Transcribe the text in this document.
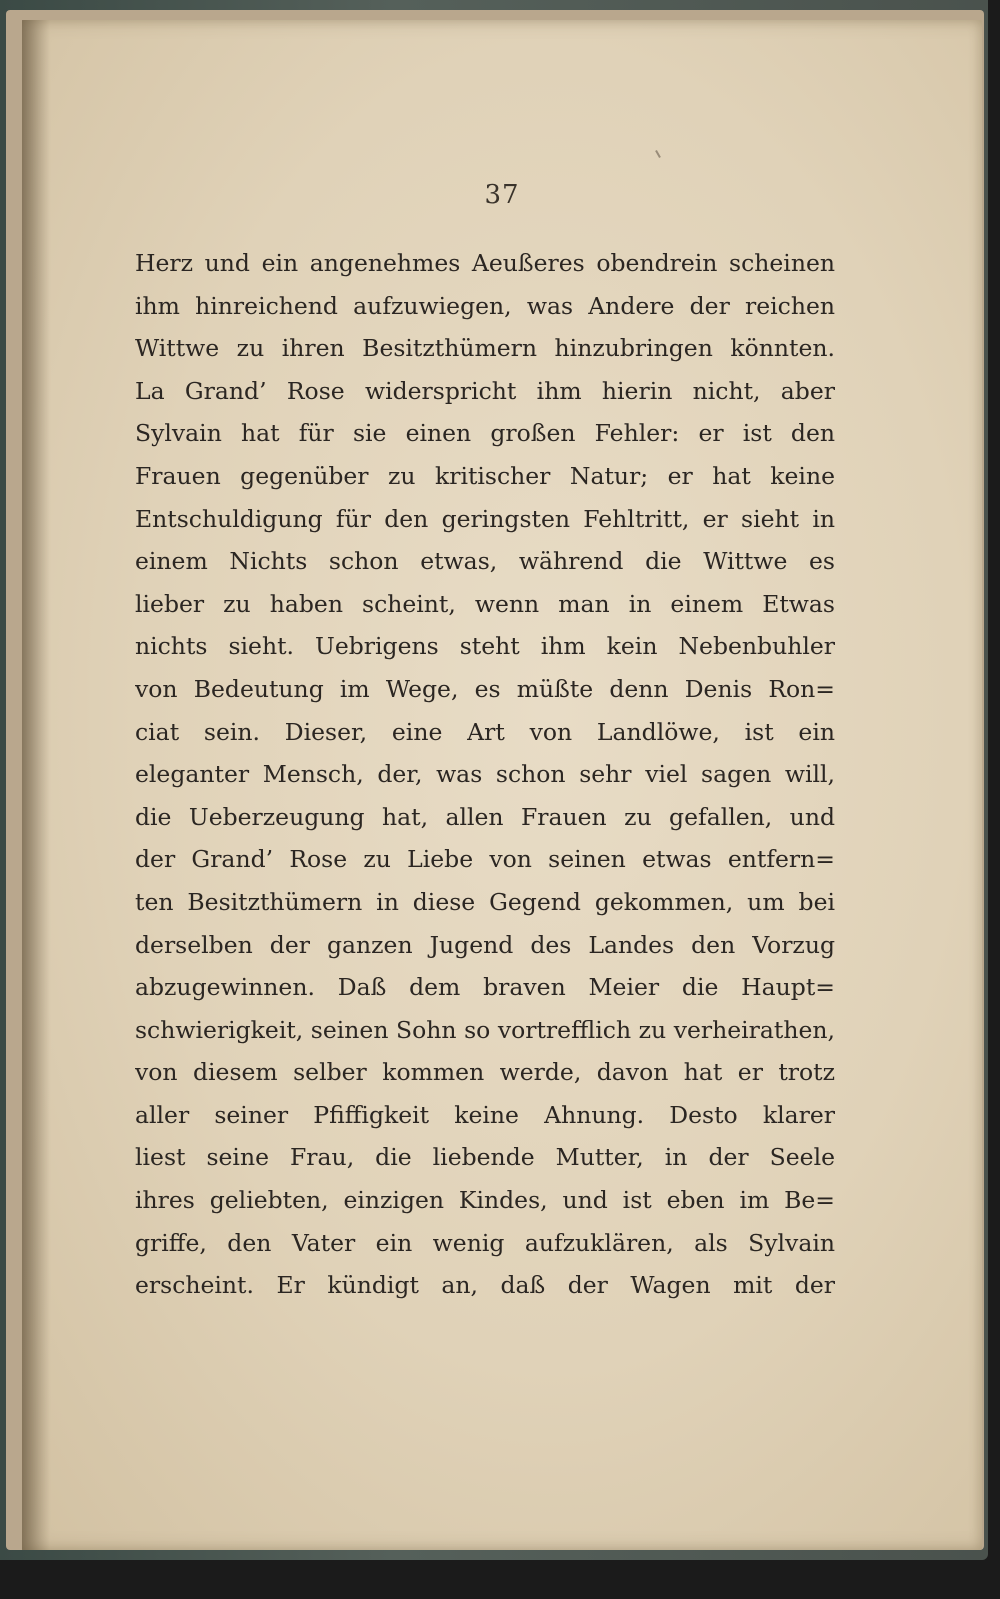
37
Herz und ein angenehmes Aeußeres obendrein scheinen
ihm hinreichend aufzuwiegen, was Andere der reichen
Wittwe zu ihren Besitzthümern hinzubringen könnten.
La Grand’ Rose widerspricht ihm hierin nicht, aber
Sylvain hat für sie einen großen Fehler: er ist den
Frauen gegenüber zu kritischer Natur; er hat keine
Entschuldigung für den geringsten Fehltritt, er sieht in
einem Nichts schon etwas, während die Wittwe es
lieber zu haben scheint, wenn man in einem Etwas
nichts sieht. Uebrigens steht ihm kein Nebenbuhler
von Bedeutung im Wege, es müßte denn Denis Ron=
ciat sein. Dieser, eine Art von Landlöwe, ist ein
eleganter Mensch, der, was schon sehr viel sagen will,
die Ueberzeugung hat, allen Frauen zu gefallen, und
der Grand’ Rose zu Liebe von seinen etwas entfern=
ten Besitzthümern in diese Gegend gekommen, um bei
derselben der ganzen Jugend des Landes den Vorzug
abzugewinnen. Daß dem braven Meier die Haupt=
schwierigkeit, seinen Sohn so vortrefflich zu verheirathen,
von diesem selber kommen werde, davon hat er trotz
aller seiner Pfiffigkeit keine Ahnung. Desto klarer
liest seine Frau, die liebende Mutter, in der Seele
ihres geliebten, einzigen Kindes, und ist eben im Be=
griffe, den Vater ein wenig aufzuklären, als Sylvain
erscheint. Er kündigt an, daß der Wagen mit der
